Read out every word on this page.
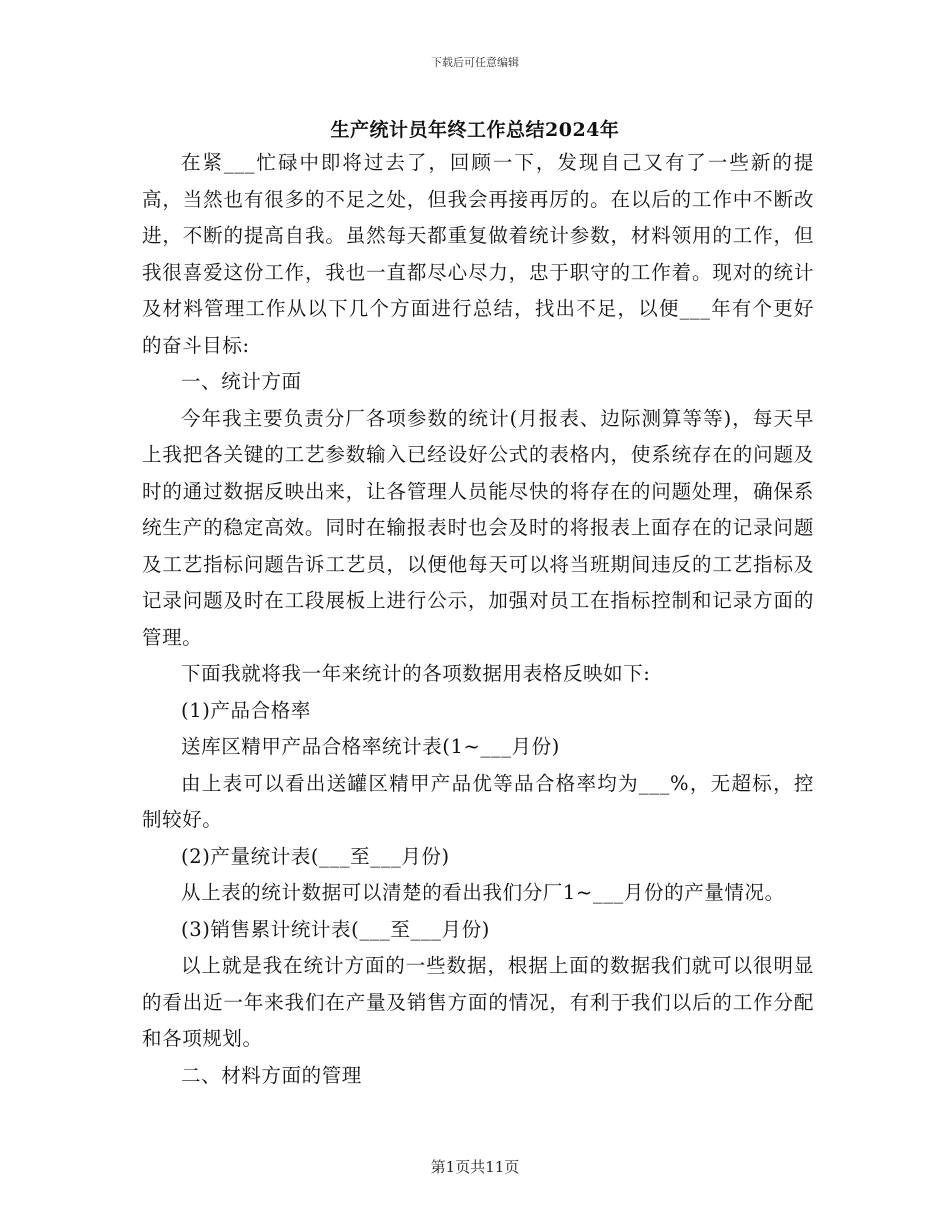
下载后可任意编辑
生产统计员年终工作总结2024年

在紧___忙碌中即将过去了，回顾一下，发现自己又有了一些新的提高，当然也有很多的不足之处，但我会再接再厉的。在以后的工作中不断改进，不断的提高自我。虽然每天都重复做着统计参数，材料领用的工作，但我很喜爱这份工作，我也一直都尽心尽力，忠于职守的工作着。现对的统计及材料管理工作从以下几个方面进行总结，找出不足，以便___年有个更好的奋斗目标:

一、统计方面

今年我主要负责分厂各项参数的统计(月报表、边际测算等等)，每天早上我把各关键的工艺参数输入已经设好公式的表格内，使系统存在的问题及时的通过数据反映出来，让各管理人员能尽快的将存在的问题处理，确保系统生产的稳定高效。同时在输报表时也会及时的将报表上面存在的记录问题及工艺指标问题告诉工艺员，以便他每天可以将当班期间违反的工艺指标及记录问题及时在工段展板上进行公示，加强对员工在指标控制和记录方面的管理。

下面我就将我一年来统计的各项数据用表格反映如下:

(1)产品合格率

送库区精甲产品合格率统计表(1~___月份)

由上表可以看出送罐区精甲产品优等品合格率均为___%，无超标，控制较好。

(2)产量统计表(___至___月份)

从上表的统计数据可以清楚的看出我们分厂1~___月份的产量情况。

(3)销售累计统计表(___至___月份)

以上就是我在统计方面的一些数据，根据上面的数据我们就可以很明显的看出近一年来我们在产量及销售方面的情况，有利于我们以后的工作分配和各项规划。

二、材料方面的管理

第1页共11页
